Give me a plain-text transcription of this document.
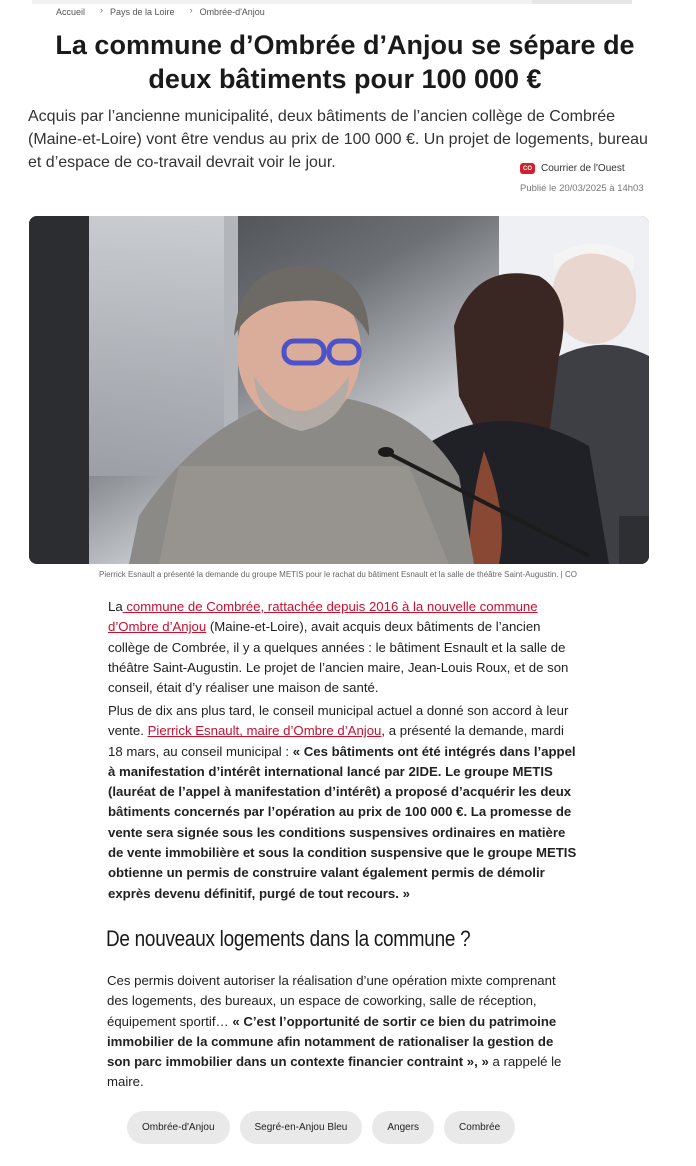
Accueil › Pays de la Loire › Ombrée-d'Anjou
La commune d’Ombrée d’Anjou se sépare de deux bâtiments pour 100 000 €

Acquis par l’ancienne municipalité, deux bâtiments de l’ancien collège de Combrée (Maine-et-Loire) vont être vendus au prix de 100 000 €. Un projet de logements, bureau et d’espace de co-travail devrait voir le jour.	CO Courrier de l'Ouest
Publié le 20/03/2025 à 14h03
Pierrick Esnault a présenté la demande du groupe METIS pour le rachat du bâtiment Esnault et la salle de théâtre Saint-Augustin. | CO

La commune de Combrée, rattachée depuis 2016 à la nouvelle commune d’Ombre d’Anjou (Maine-et-Loire), avait acquis deux bâtiments de l’ancien collège de Combrée, il y a quelques années : le bâtiment Esnault et la salle de théâtre Saint-Augustin. Le projet de l’ancien maire, Jean-Louis Roux, et de son conseil, était d’y réaliser une maison de santé.

Plus de dix ans plus tard, le conseil municipal actuel a donné son accord à leur vente. Pierrick Esnault, maire d’Ombre d’Anjou, a présenté la demande, mardi 18 mars, au conseil municipal : « Ces bâtiments ont été intégrés dans l’appel à manifestation d’intérêt international lancé par 2IDE. Le groupe METIS (lauréat de l’appel à manifestation d’intérêt) a proposé d’acquérir les deux bâtiments concernés par l’opération au prix de 100 000 €. La promesse de vente sera signée sous les conditions suspensives ordinaires en matière de vente immobilière et sous la condition suspensive que le groupe METIS obtienne un permis de construire valant également permis de démolir exprès devenu définitif, purgé de tout recours. »

De nouveaux logements dans la commune ?

Ces permis doivent autoriser la réalisation d’une opération mixte comprenant des logements, des bureaux, un espace de coworking, salle de réception, équipement sportif… « C’est l’opportunité de sortir ce bien du patrimoine immobilier de la commune afin notamment de rationaliser la gestion de son parc immobilier dans un contexte financier contraint », » a rappelé le maire.

Ombrée-d'Anjou	Segré-en-Anjou Bleu	Angers	Combrée
